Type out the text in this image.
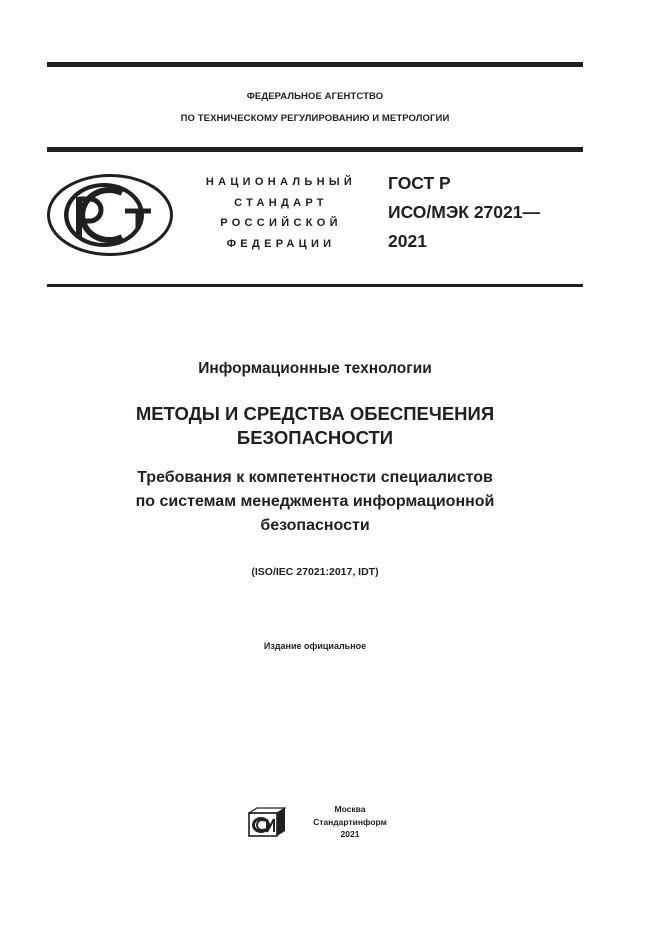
ФЕДЕРАЛЬНОЕ АГЕНТСТВО
ПО ТЕХНИЧЕСКОМУ РЕГУЛИРОВАНИЮ И МЕТРОЛОГИИ
НАЦИОНАЛЬНЫЙ
СТАНДАРТ
РОССИЙСКОЙ
ФЕДЕРАЦИИ
ГОСТ Р
ИСО/МЭК 27021—
2021
Информационные технологии
МЕТОДЫ И СРЕДСТВА ОБЕСПЕЧЕНИЯ
БЕЗОПАСНОСТИ
Требования к компетентности специалистов
по системам менеджмента информационной
безопасности
(ISO/IEC 27021:2017, IDT)
Издание официальное
Москва
Стандартинформ
2021
